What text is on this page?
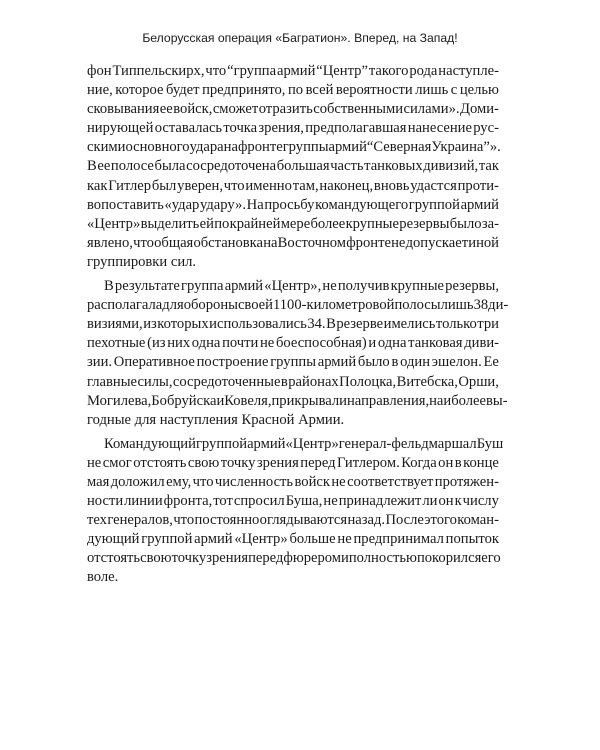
Белорусская операция «Багратион». Вперед, на Запад!
фон Типпельскирх, что “группа армий “Центр” такого рода наступле-
ние, которое будет предпринято, по всей вероятности лишь с целью
сковывания ее войск, сможет отразить собственными силами». Доми-
нирующей оставалась точка зрения, предполагавшая нанесение рус-
скими основного удара на фронте группы армий “Северная Украина”».
В ее полосе была сосредоточена большая часть танковых дивизий, так
как Гитлер был уверен, что именно там, наконец, вновь удастся проти-
вопоставить «удар удару». На просьбу командующего группой армий
«Центр» выделить ей по крайней мере более крупные резервы было за-
явлено, что общая обстановка на Восточном фронте не допускает иной
группировки сил.
В результате группа армий «Центр», не получив крупные резервы,
располагала для обороны своей 1100-километровой полосы лишь 38 ди-
визиями, из которых использовались 34. В резерве имелись только три
пехотные (из них одна почти не боеспособная) и одна танковая диви-
зии. Оперативное построение группы армий было в один эшелон. Ее
главные силы, сосредоточенные в районах Полоцка, Витебска, Орши,
Могилева, Бобруйска и Ковеля, прикрывали направления, наиболее вы-
годные для наступления Красной Армии.
Командующий группой армий «Центр» генерал-фельдмаршал Буш
не смог отстоять свою точку зрения перед Гитлером. Когда он в конце
мая доложил ему, что численность войск не соответствует протяжен-
ности линии фронта, тот спросил Буша, не принадлежит ли он к числу
тех генералов, что постоянно оглядываются назад. После этого коман-
дующий группой армий «Центр» больше не предпринимал попыток
отстоять свою точку зрения перед фюрером и полностью покорился его
воле.
